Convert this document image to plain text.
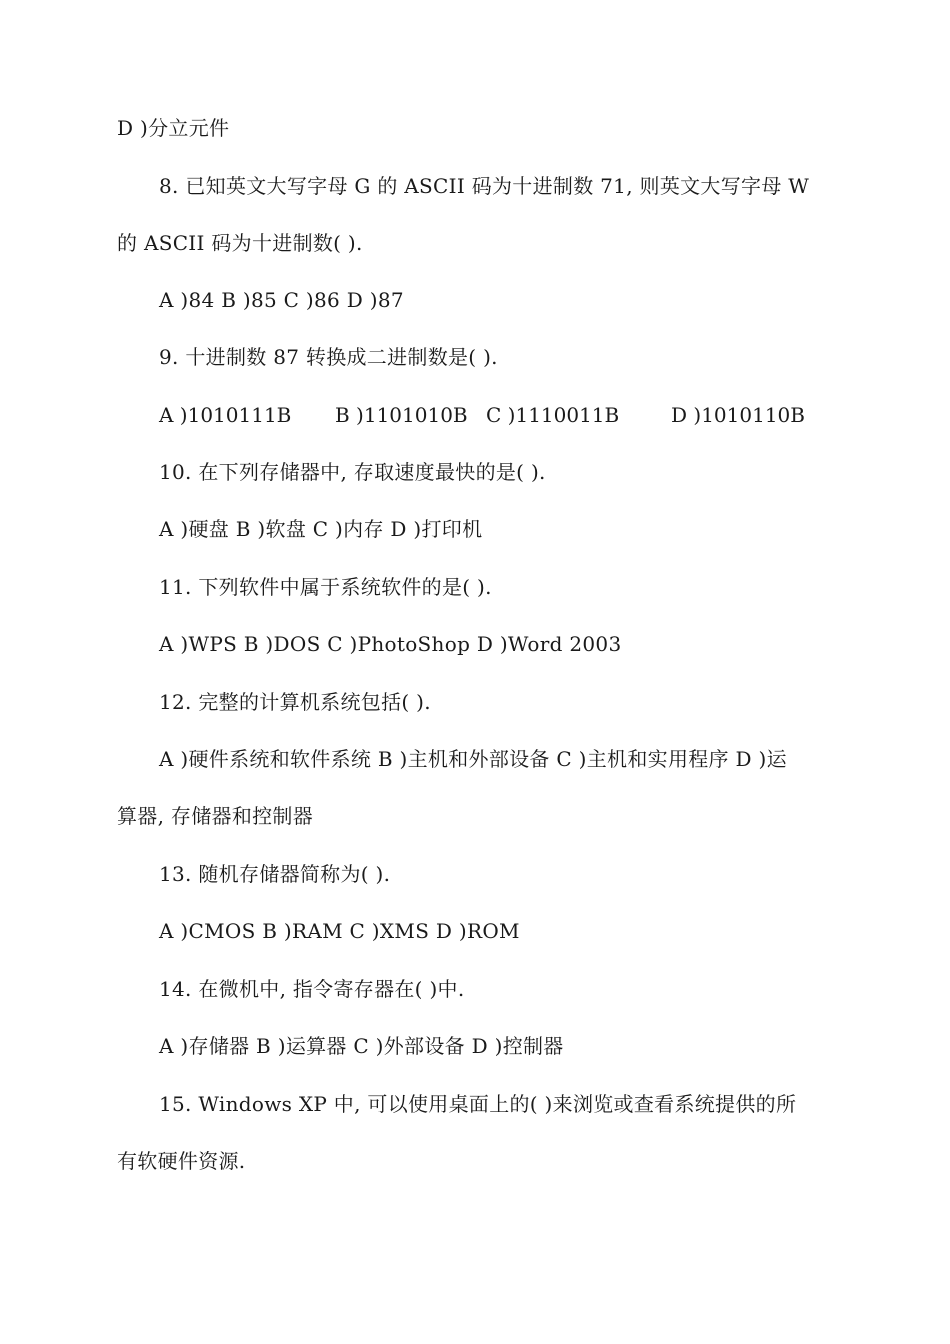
D )分立元件
8. 已知英文大写字母 G 的 ASCII 码为十进制数 71, 则英文大写字母 W
的 ASCII 码为十进制数( ).
A )84 B )85 C )86 D )87
9. 十进制数 87 转换成二进制数是( ).
A )1010111B B )1101010B C )1110011B	D )1010110B
10. 在下列存储器中, 存取速度最快的是( ).
A )硬盘 B )软盘 C )内存 D )打印机
11. 下列软件中属于系统软件的是( ).
A )WPS B )DOS C )PhotoShop D )Word 2003
12. 完整的计算机系统包括( ).
A )硬件系统和软件系统 B )主机和外部设备 C )主机和实用程序 D )运
算器, 存储器和控制器
13. 随机存储器简称为( ).
A )CMOS B )RAM C )XMS D )ROM
14. 在微机中, 指令寄存器在( )中.
A )存储器 B )运算器 C )外部设备 D )控制器
15. Windows XP 中, 可以使用桌面上的( )来浏览或查看系统提供的所
有软硬件资源.
